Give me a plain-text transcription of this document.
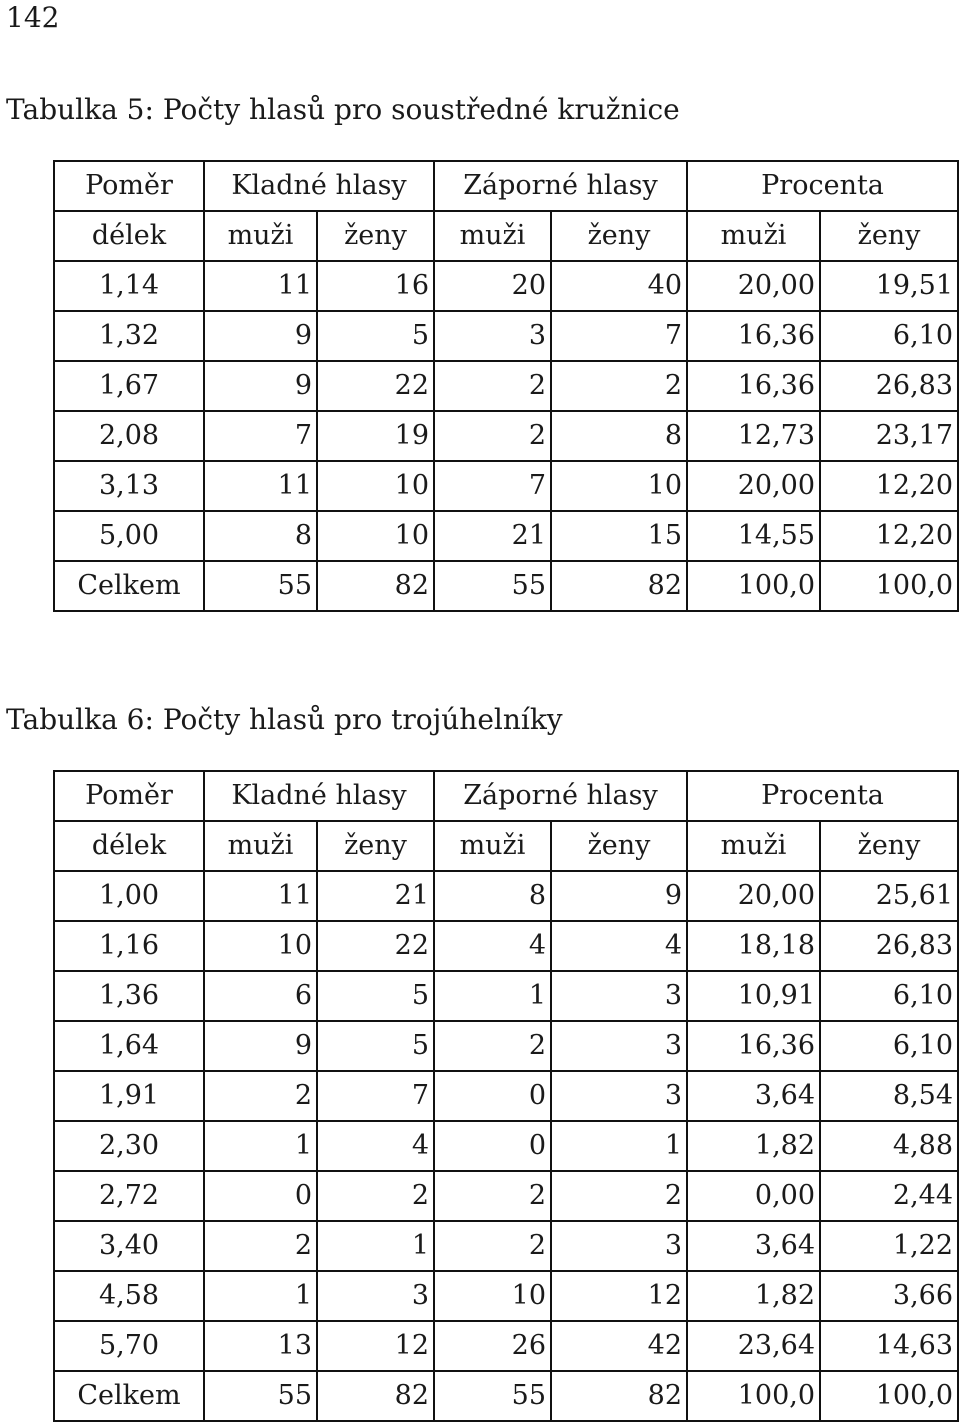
142
Tabulka 5: Počty hlasů pro soustředné kružnice
Poměr	Kladné hlasy		Záporné hlasy		Procenta	
délek	muži	ženy	muži	ženy	muži	ženy
1,14	11	16	20	40	20,00	19,51
1,32	9	5	3	7	16,36	6,10
1,67	9	22	2	2	16,36	26,83
2,08	7	19	2	8	12,73	23,17
3,13	11	10	7	10	20,00	12,20
5,00	8	10	21	15	14,55	12,20
Celkem	55	82	55	82	100,0	100,0
Tabulka 6: Počty hlasů pro trojúhelníky
Poměr	Kladné hlasy		Záporné hlasy		Procenta	
délek	muži	ženy	muži	ženy	muži	ženy
1,00	11	21	8	9	20,00	25,61
1,16	10	22	4	4	18,18	26,83
1,36	6	5	1	3	10,91	6,10
1,64	9	5	2	3	16,36	6,10
1,91	2	7	0	3	3,64	8,54
2,30	1	4	0	1	1,82	4,88
2,72	0	2	2	2	0,00	2,44
3,40	2	1	2	3	3,64	1,22
4,58	1	3	10	12	1,82	3,66
5,70	13	12	26	42	23,64	14,63
Celkem	55	82	55	82	100,0	100,0
